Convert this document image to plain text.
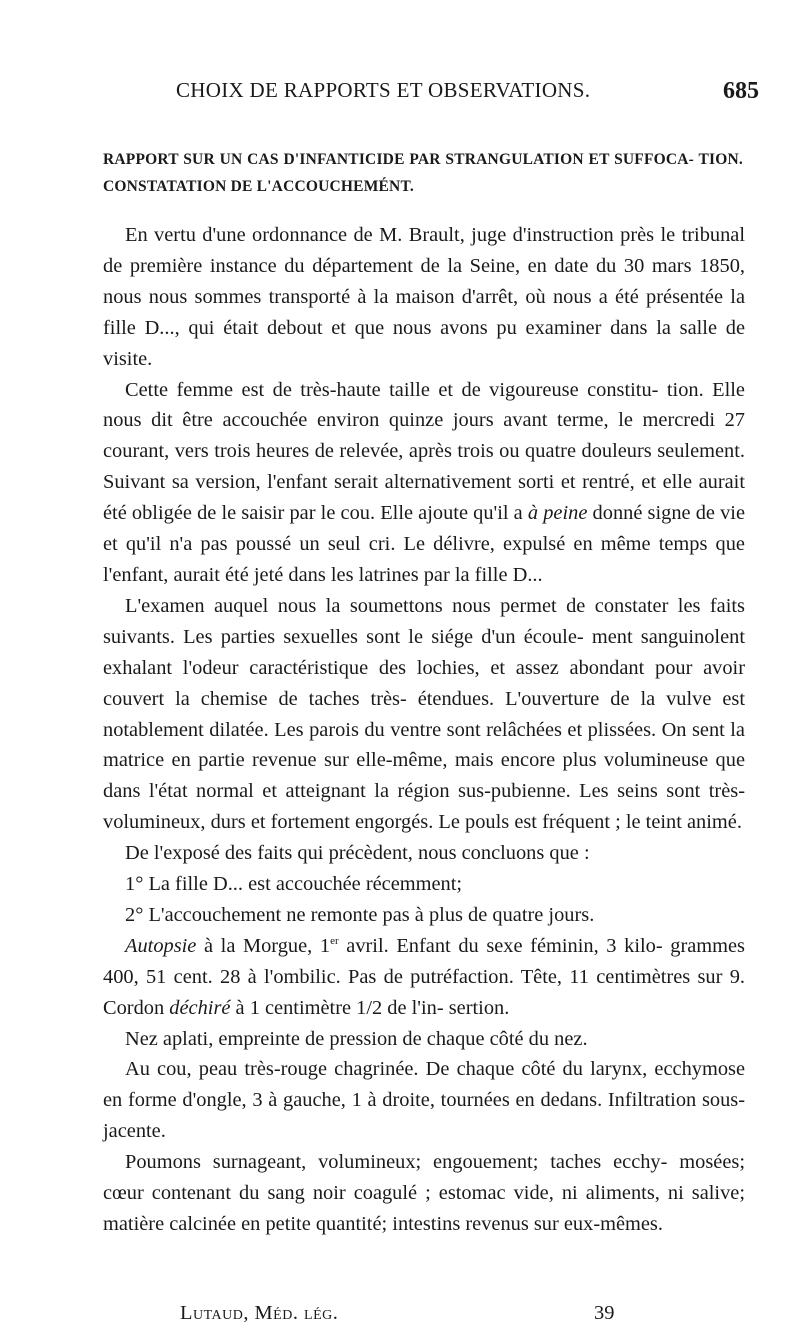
CHOIX DE RAPPORTS ET OBSERVATIONS.	685
RAPPORT SUR UN CAS D'INFANTICIDE PAR STRANGULATION ET SUFFOCA- TION. CONSTATATION DE L'ACCOUCHEMÉNT.

En vertu d'une ordonnance de M. Brault, juge d'instruction près le tribunal de première instance du département de la Seine, en date du 30 mars 1850, nous nous sommes transporté à la maison d'arrêt, où nous a été présentée la fille D..., qui était debout et que nous avons pu examiner dans la salle de visite.

Cette femme est de très-haute taille et de vigoureuse constitu- tion. Elle nous dit être accouchée environ quinze jours avant terme, le mercredi 27 courant, vers trois heures de relevée, après trois ou quatre douleurs seulement. Suivant sa version, l'enfant serait alternativement sorti et rentré, et elle aurait été obligée de le saisir par le cou. Elle ajoute qu'il a à peine donné signe de vie et qu'il n'a pas poussé un seul cri. Le délivre, expulsé en même temps que l'enfant, aurait été jeté dans les latrines par la fille D...

L'examen auquel nous la soumettons nous permet de constater les faits suivants. Les parties sexuelles sont le siége d'un écoule- ment sanguinolent exhalant l'odeur caractéristique des lochies, et assez abondant pour avoir couvert la chemise de taches très- étendues. L'ouverture de la vulve est notablement dilatée. Les parois du ventre sont relâchées et plissées. On sent la matrice en partie revenue sur elle-même, mais encore plus volumineuse que dans l'état normal et atteignant la région sus-pubienne. Les seins sont très-volumineux, durs et fortement engorgés. Le pouls est fréquent ; le teint animé.

De l'exposé des faits qui précèdent, nous concluons que :

1° La fille D... est accouchée récemment;

2° L'accouchement ne remonte pas à plus de quatre jours.

Autopsie à la Morgue, 1er avril. Enfant du sexe féminin, 3 kilo- grammes 400, 51 cent. 28 à l'ombilic. Pas de putréfaction. Tête, 11 centimètres sur 9. Cordon déchiré à 1 centimètre 1/2 de l'in- sertion.

Nez aplati, empreinte de pression de chaque côté du nez.

Au cou, peau très-rouge chagrinée. De chaque côté du larynx, ecchymose en forme d'ongle, 3 à gauche, 1 à droite, tournées en dedans. Infiltration sous-jacente.

Poumons surnageant, volumineux; engouement; taches ecchy- mosées; cœur contenant du sang noir coagulé ; estomac vide, ni aliments, ni salive; matière calcinée en petite quantité; intestins revenus sur eux-mêmes.

Lutaud, Méd. lég.	39
